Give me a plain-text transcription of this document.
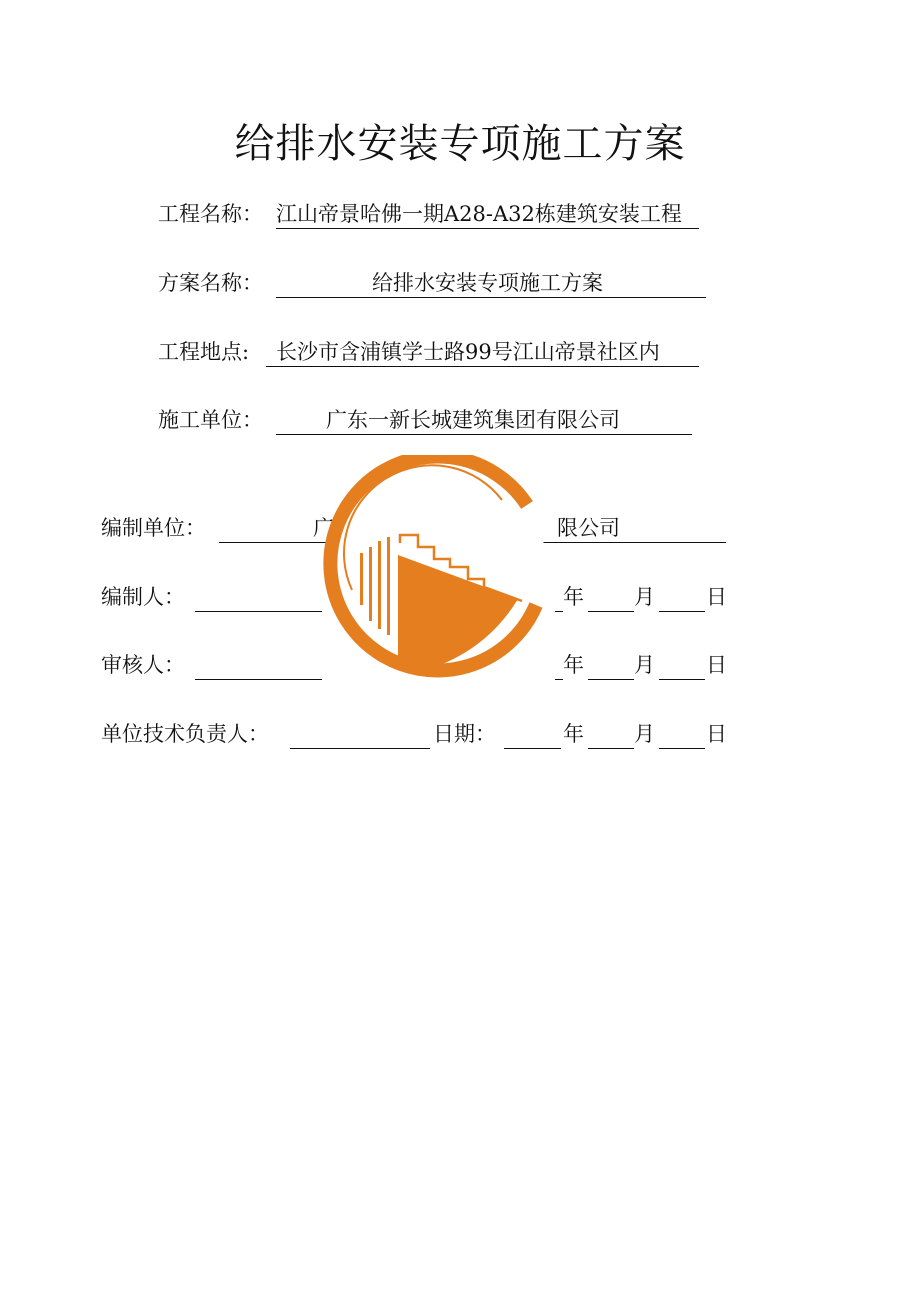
给排水安装专项施工方案
工程名称： 江山帝景哈佛一期A28-A32栋建筑安装工程
方案名称：	给排水安装专项施工方案
工程地点: 长沙市含浦镇学士路99号江山帝景社区内
施工单位：	广东一新长城建筑集团有限公司
编制单位：	广	限公司
编制人：	年 月 日
审核人：	年 月 日
单位技术负责人：	日期：	年 月 日
